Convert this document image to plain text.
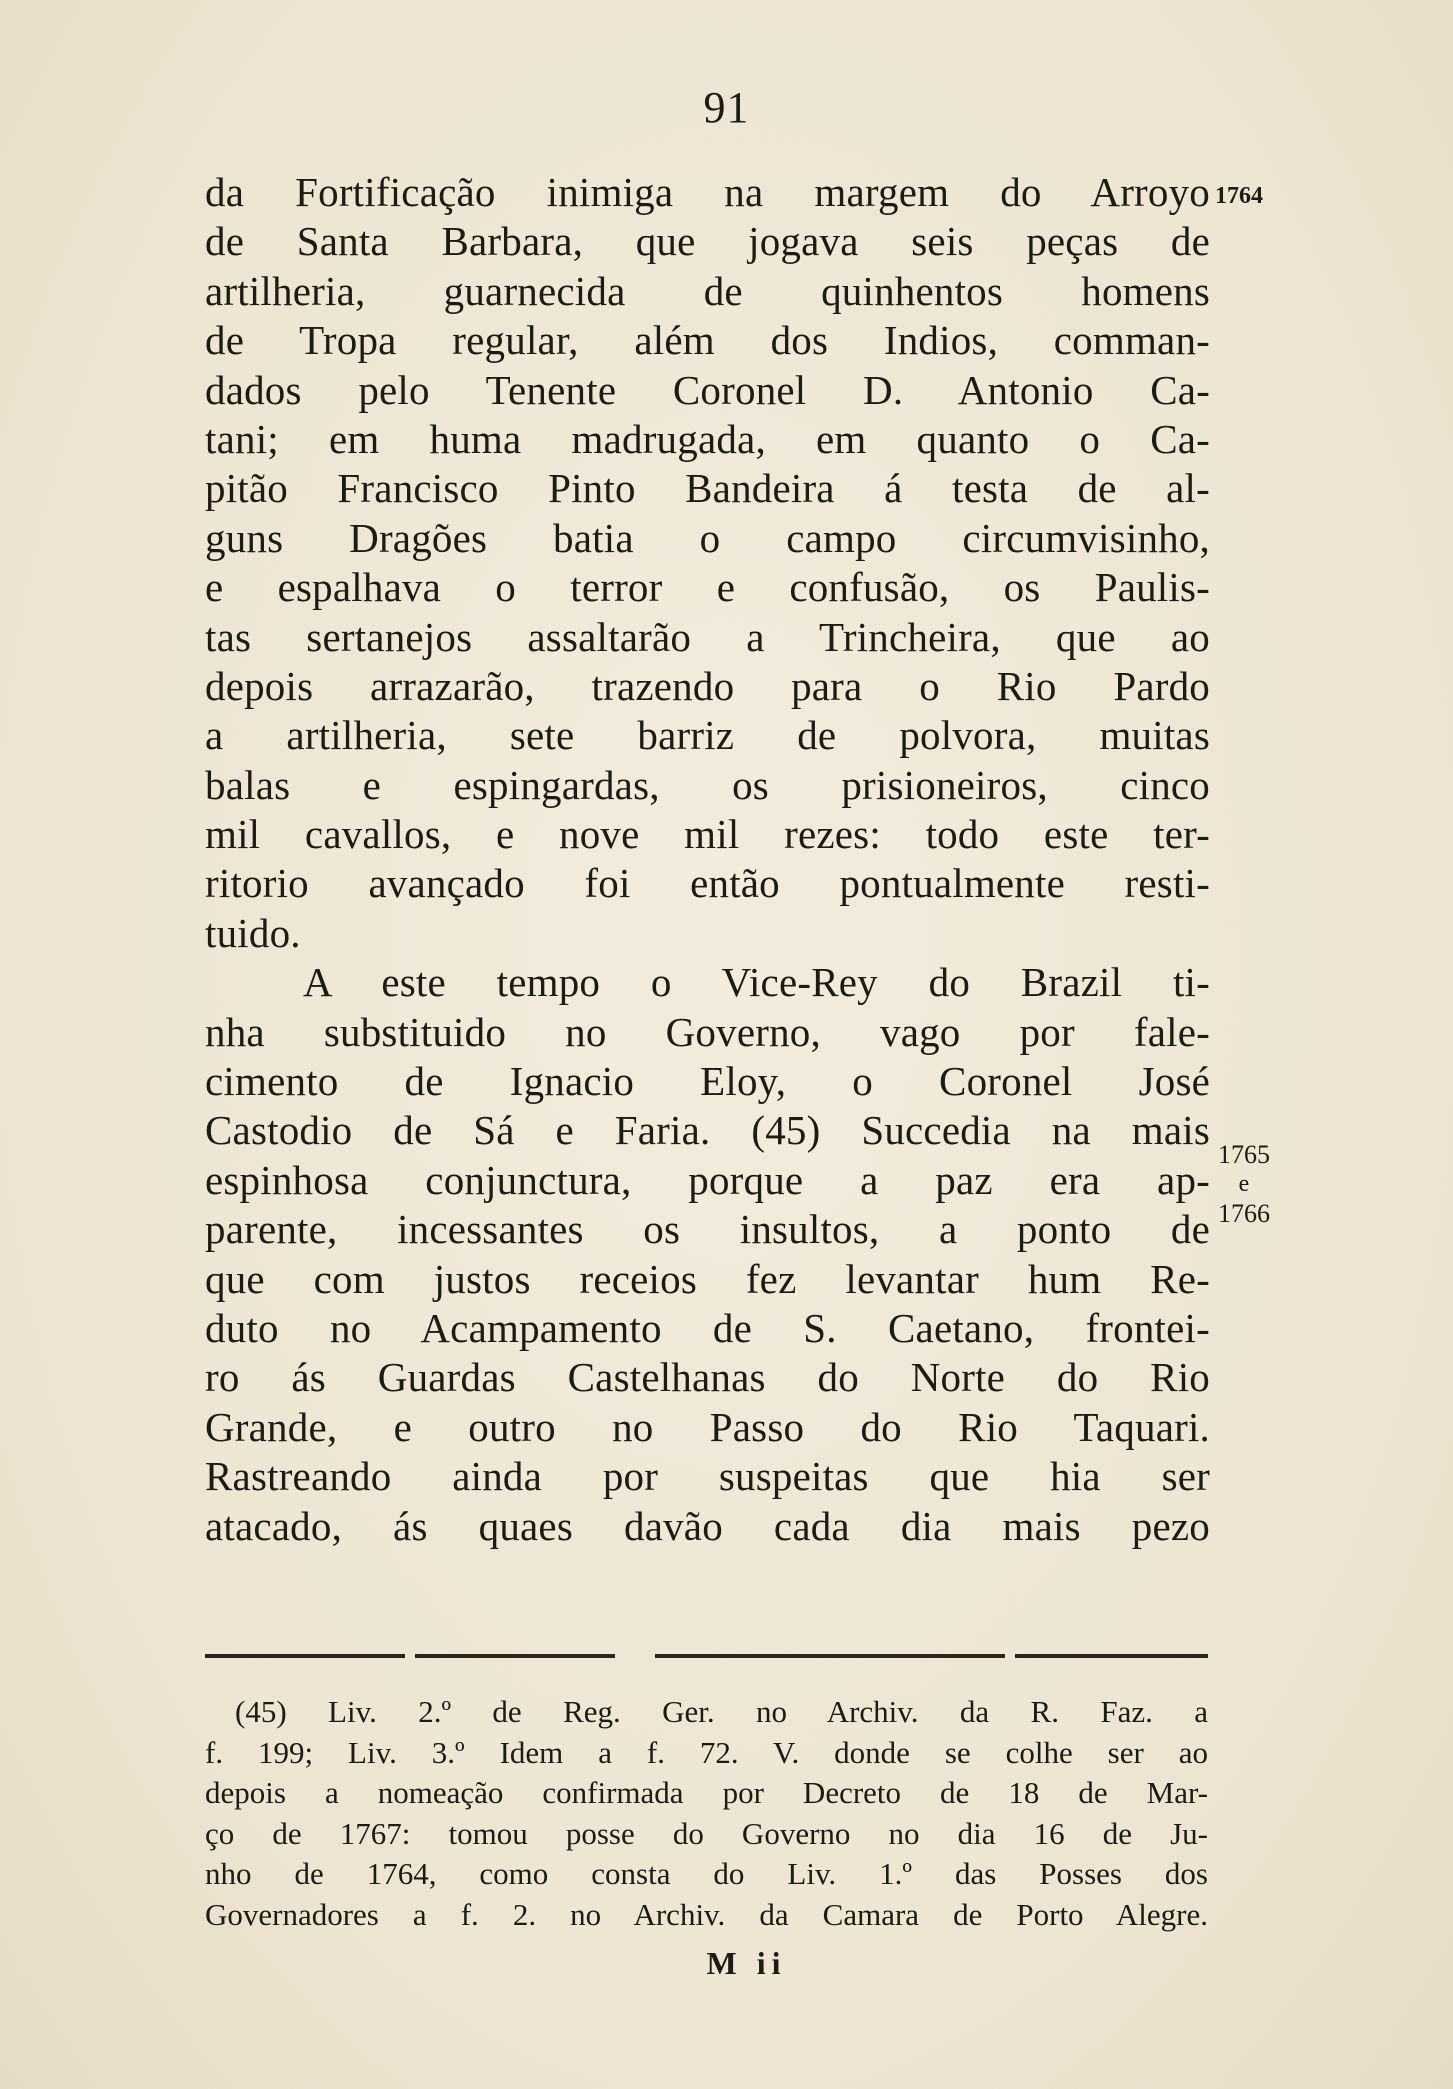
91
da Fortificação inimiga na margem do Arroyo
de Santa Barbara, que jogava seis peças de
artilheria, guarnecida de quinhentos homens
de Tropa regular, além dos Indios, comman-
dados pelo Tenente Coronel D. Antonio Ca-
tani; em huma madrugada, em quanto o Ca-
pitão Francisco Pinto Bandeira á testa de al-
guns Dragões batia o campo circumvisinho,
e espalhava o terror e confusão, os Paulis-
tas sertanejos assaltarão a Trincheira, que ao
depois arrazarão, trazendo para o Rio Pardo
a artilheria, sete barriz de polvora, muitas
balas e espingardas, os prisioneiros, cinco
mil cavallos, e nove mil rezes: todo este ter-
ritorio avançado foi então pontualmente resti-
tuido.
A este tempo o Vice-Rey do Brazil ti-
nha substituido no Governo, vago por fale-
cimento de Ignacio Eloy, o Coronel José
Castodio de Sá e Faria. (45) Succedia na mais
espinhosa conjunctura, porque a paz era ap-
parente, incessantes os insultos, a ponto de
que com justos receios fez levantar hum Re-
duto no Acampamento de S. Caetano, frontei-
ro ás Guardas Castelhanas do Norte do Rio
Grande, e outro no Passo do Rio Taquari.
Rastreando ainda por suspeitas que hia ser
atacado, ás quaes davão cada dia mais pezo
1764
1765
e
1766
(45) Liv. 2.º de Reg. Ger. no Archiv. da R. Faz. a
f. 199; Liv. 3.º Idem a f. 72. V. donde se colhe ser ao
depois a nomeação confirmada por Decreto de 18 de Mar-
ço de 1767: tomou posse do Governo no dia 16 de Ju-
nho de 1764, como consta do Liv. 1.º das Posses dos
Governadores a f. 2. no Archiv. da Camara de Porto Alegre.
M ii
